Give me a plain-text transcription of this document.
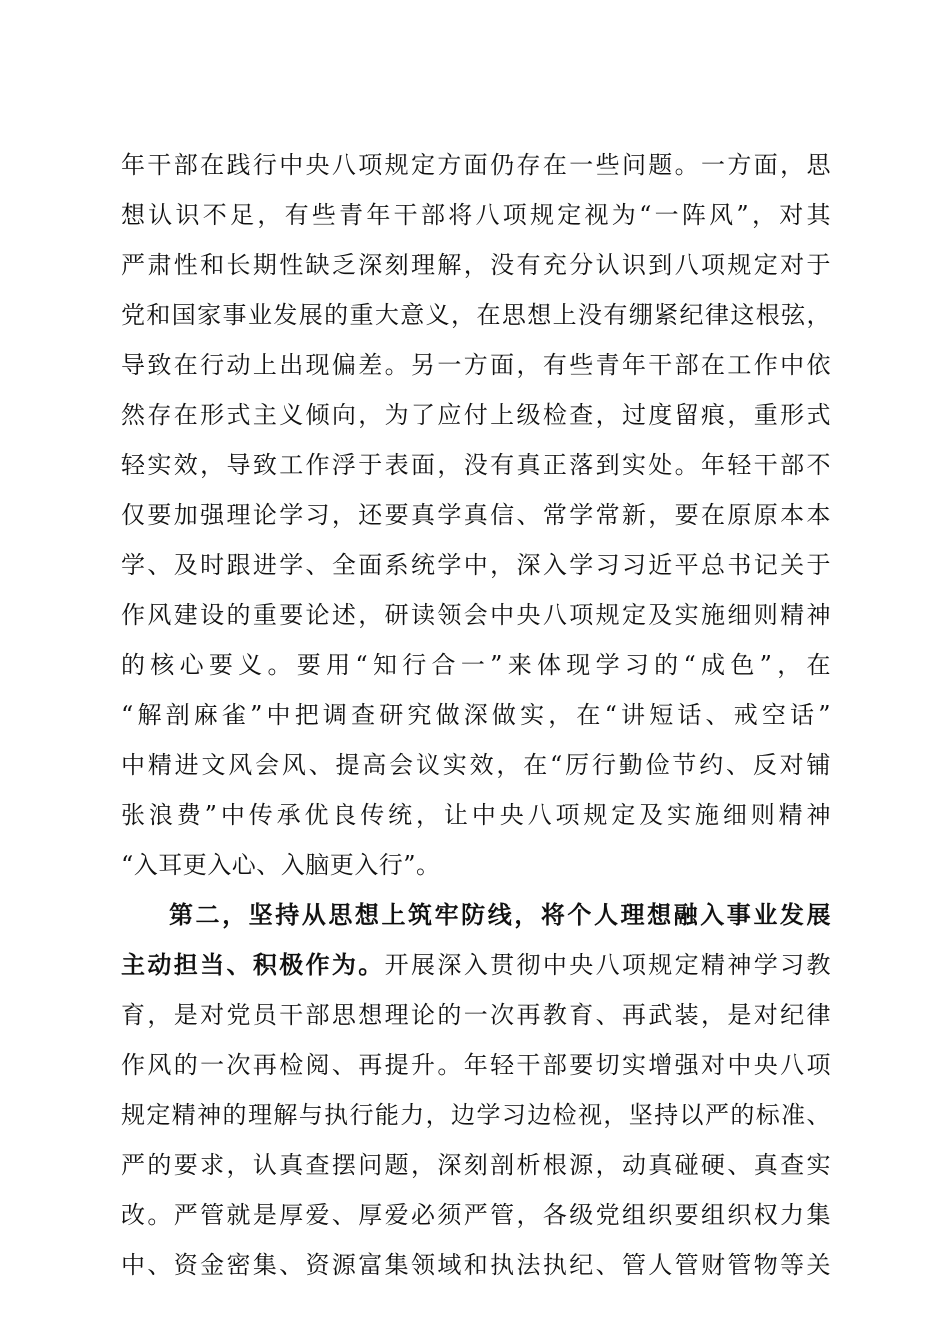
年干部在践行中央八项规定方面仍存在一些问题。一方面，思
想认识不足，有些青年干部将八项规定视为“一阵风”，对其
严肃性和长期性缺乏深刻理解，没有充分认识到八项规定对于
党和国家事业发展的重大意义，在思想上没有绷紧纪律这根弦，
导致在行动上出现偏差。另一方面，有些青年干部在工作中依
然存在形式主义倾向，为了应付上级检查，过度留痕，重形式
轻实效，导致工作浮于表面，没有真正落到实处。年轻干部不
仅要加强理论学习，还要真学真信、常学常新，要在原原本本
学、及时跟进学、全面系统学中，深入学习习近平总书记关于
作风建设的重要论述，研读领会中央八项规定及实施细则精神
的核心要义。要用“知行合一”来体现学习的“成色”，在
“解剖麻雀”中把调查研究做深做实，在“讲短话、戒空话”
中精进文风会风、提高会议实效，在“厉行勤俭节约、反对铺
张浪费”中传承优良传统，让中央八项规定及实施细则精神
“入耳更入心、入脑更入行”。
第二，坚持从思想上筑牢防线，将个人理想融入事业发展
主动担当、积极作为。开展深入贯彻中央八项规定精神学习教
育，是对党员干部思想理论的一次再教育、再武装，是对纪律
作风的一次再检阅、再提升。年轻干部要切实增强对中央八项
规定精神的理解与执行能力，边学习边检视，坚持以严的标准、
严的要求，认真查摆问题，深刻剖析根源，动真碰硬、真查实
改。严管就是厚爱、厚爱必须严管，各级党组织要组织权力集
中、资金密集、资源富集领域和执法执纪、管人管财管物等关
